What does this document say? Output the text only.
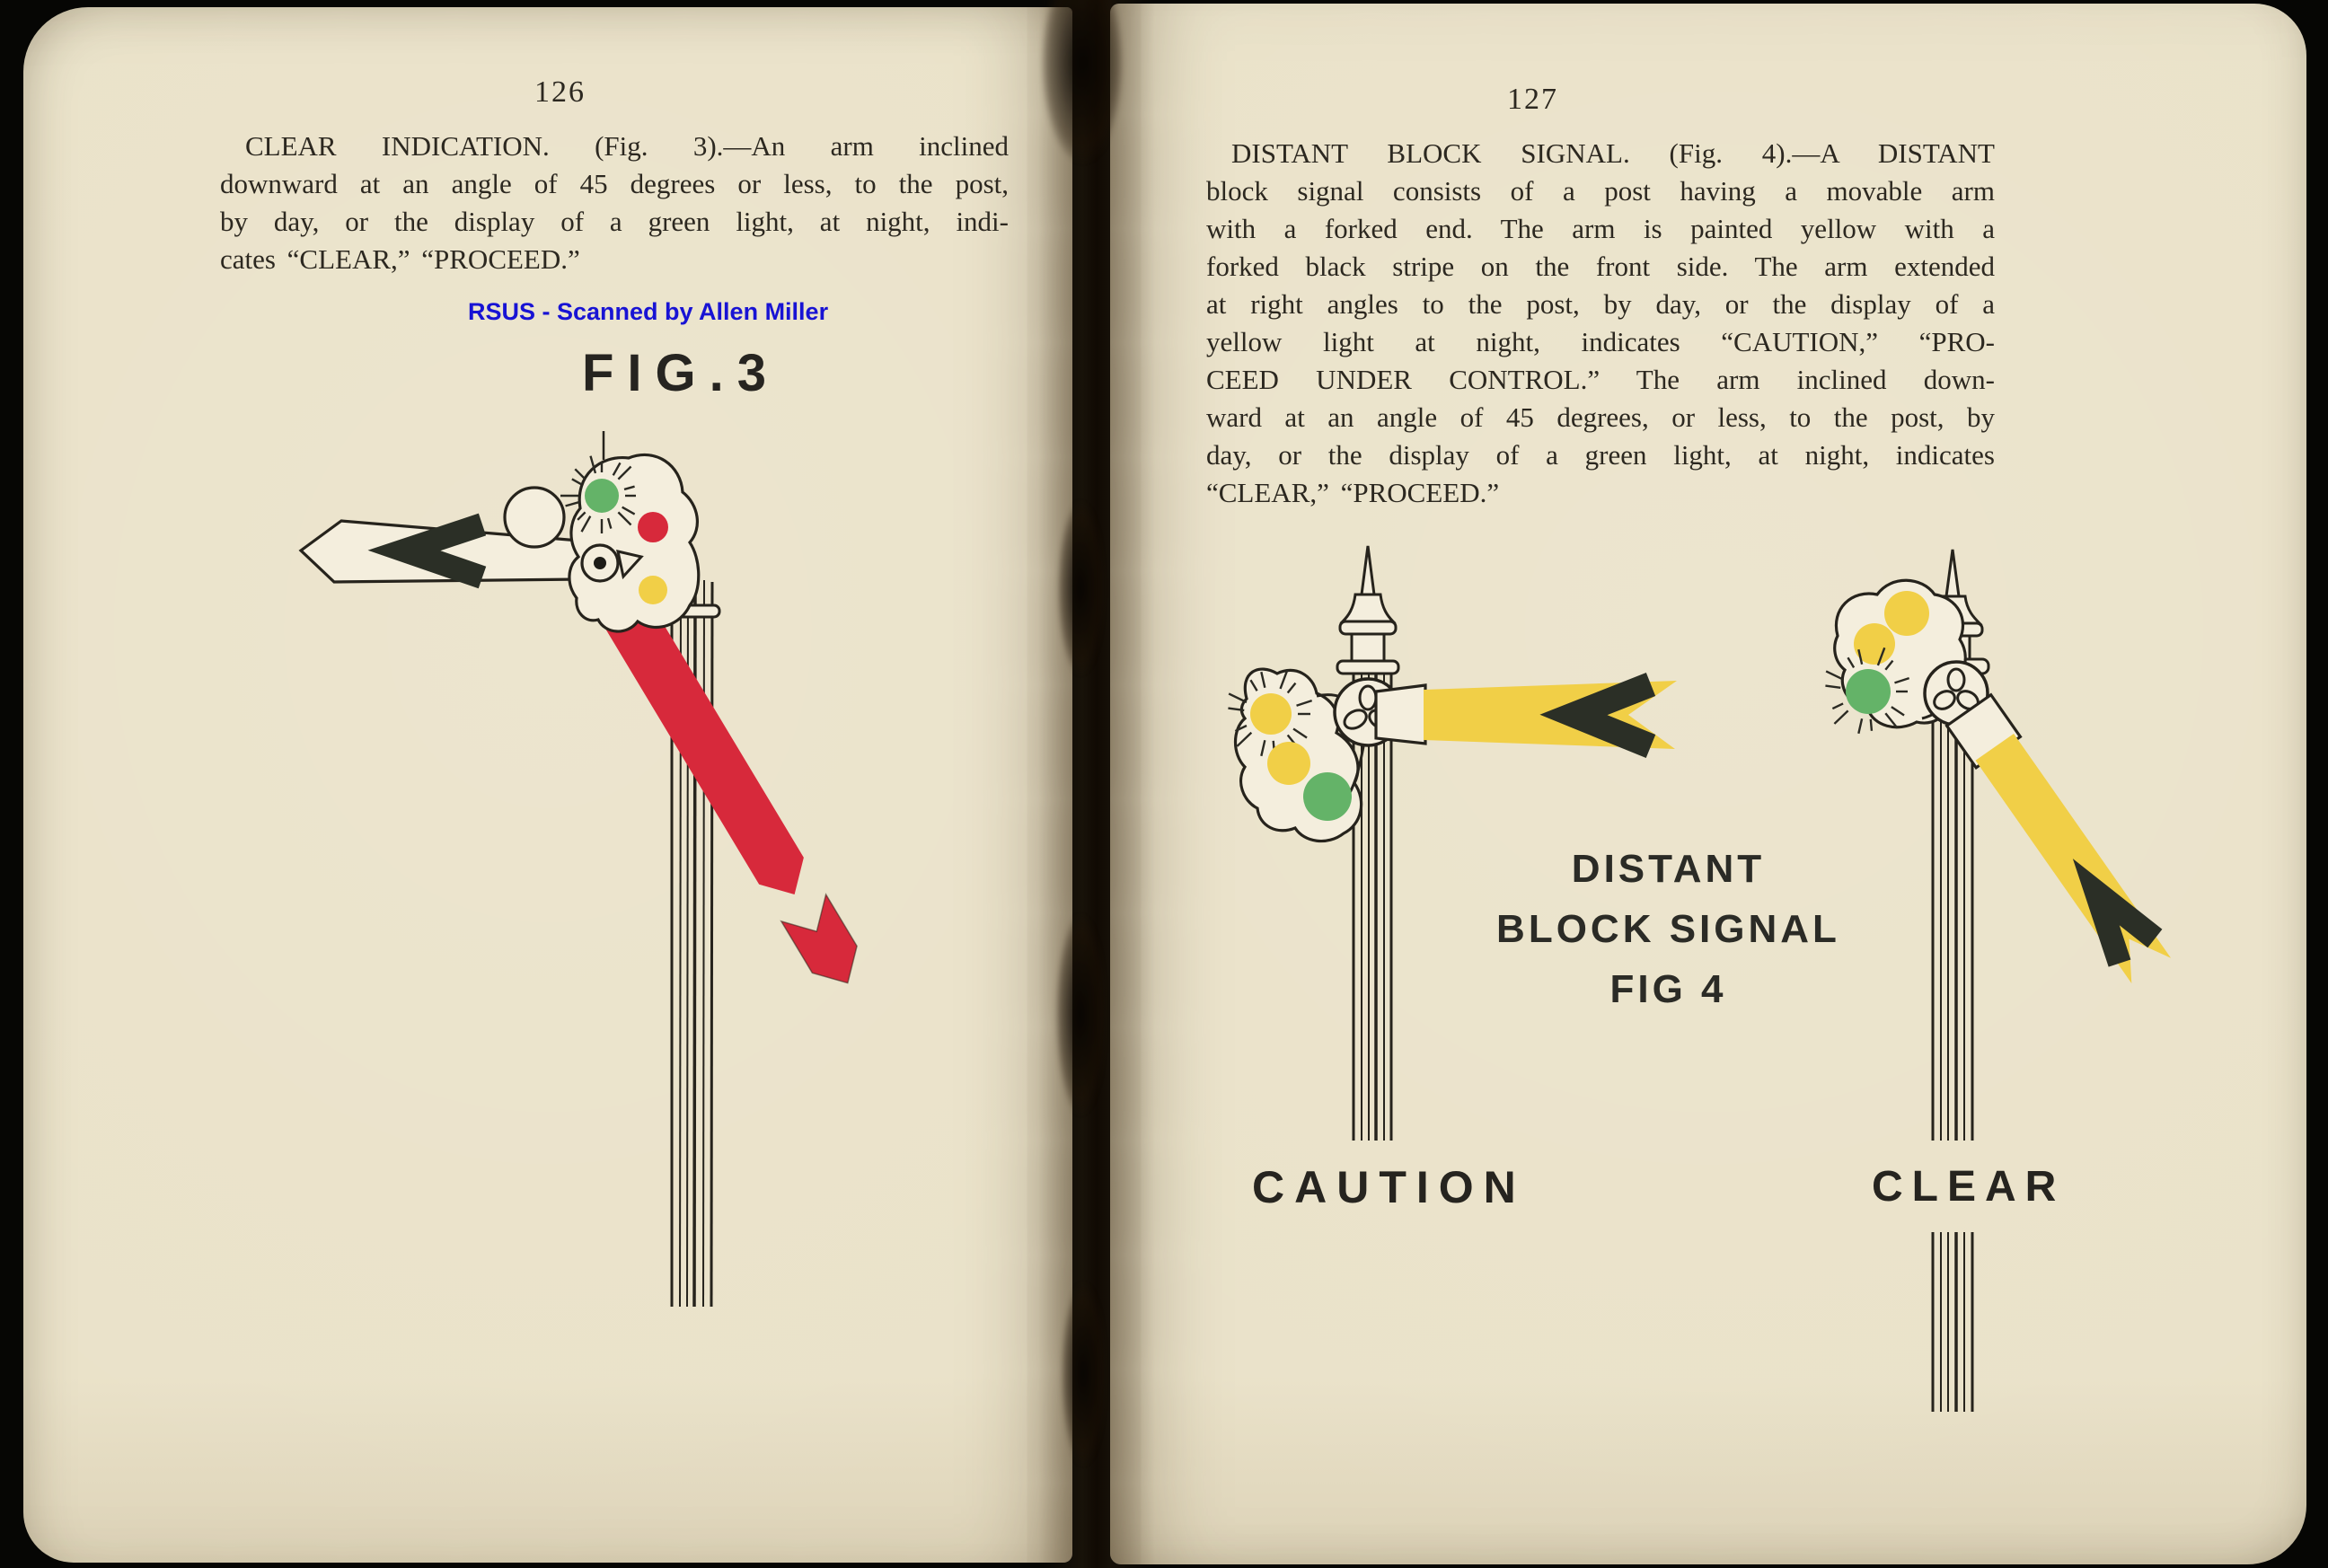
126
CLEAR INDICATION. (Fig. 3).—An arm inclined
downward at an angle of 45 degrees or less, to the post,
by day, or the display of a green light, at night, indi-
cates “CLEAR,” “PROCEED.”
RSUS - Scanned by Allen Miller
FIG.3
127
DISTANT BLOCK SIGNAL. (Fig. 4).—A DISTANT
block signal consists of a post having a movable arm
with a forked end. The arm is painted yellow with a
forked black stripe on the front side. The arm extended
at right angles to the post, by day, or the display of a
yellow light at night, indicates “CAUTION,” “PRO-
CEED UNDER CONTROL.” The arm inclined down-
ward at an angle of 45 degrees, or less, to the post, by
day, or the display of a green light, at night, indicates
“CLEAR,” “PROCEED.”
DISTANT
BLOCK SIGNAL
FIG 4
CAUTION	CLEAR
